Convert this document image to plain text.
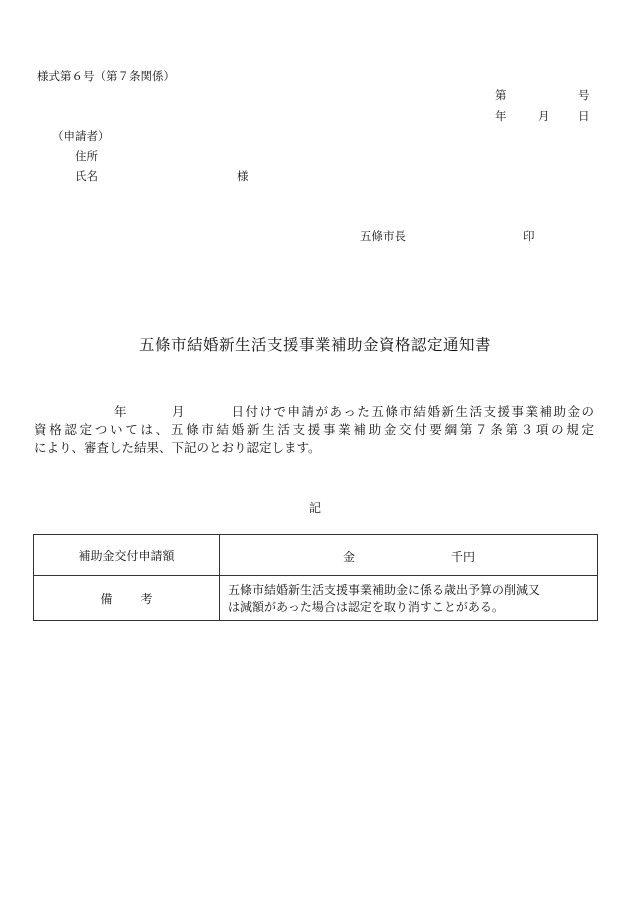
様式第６号（第７条関係）
第	号
年	月 日
（申請者）
住所
氏名	様
五條市長	印
五條市結婚新生活支援事業補助金資格認定通知書
年	月	日付けで申請があった五條市結婚新生活支援事業補助金の
資格認定ついては、五條市結婚新生活支援事業補助金交付要綱第７条第３項の規定
により、審査した結果、下記のとおり認定します。
記
補助金交付申請額	金 千円

備考	五條市結婚新生活支援事業補助金に係る歳出予算の削減又
は減額があった場合は認定を取り消すことがある。
